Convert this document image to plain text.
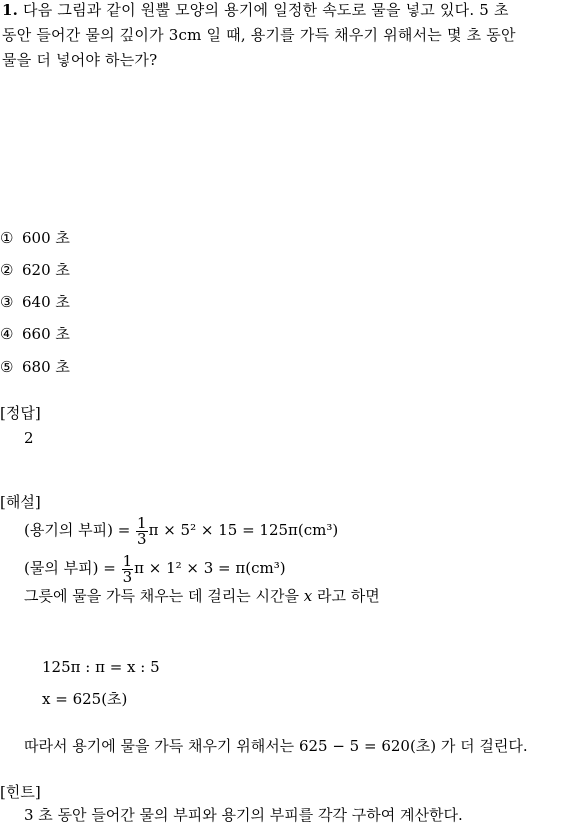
1. 다음 그림과 같이 원뿔 모양의 용기에 일정한 속도로 물을 넣고 있다. 5 초
동안 들어간 물의 깊이가 3cm 일 때, 용기를 가득 채우기 위해서는 몇 초 동안
물을 더 넣어야 하는가?
① 600 초
② 620 초
③ 640 초
④ 660 초
⑤ 680 초
[정답]
2
[해설]
(용기의 부피) = $\frac{1}{3}$ π × 5² × 15 = 125π(cm³)
(물의 부피) = $\frac{1}{3}$ π × 1² × 3 = π(cm³)
그릇에 물을 가득 채우는 데 걸리는 시간을 x 라고 하면
125π : π = x : 5
x = 625(초)
따라서 용기에 물을 가득 채우기 위해서는 625 − 5 = 620(초) 가 더 걸린다.
[힌트]
3 초 동안 들어간 물의 부피와 용기의 부피를 각각 구하여 계산한다.
